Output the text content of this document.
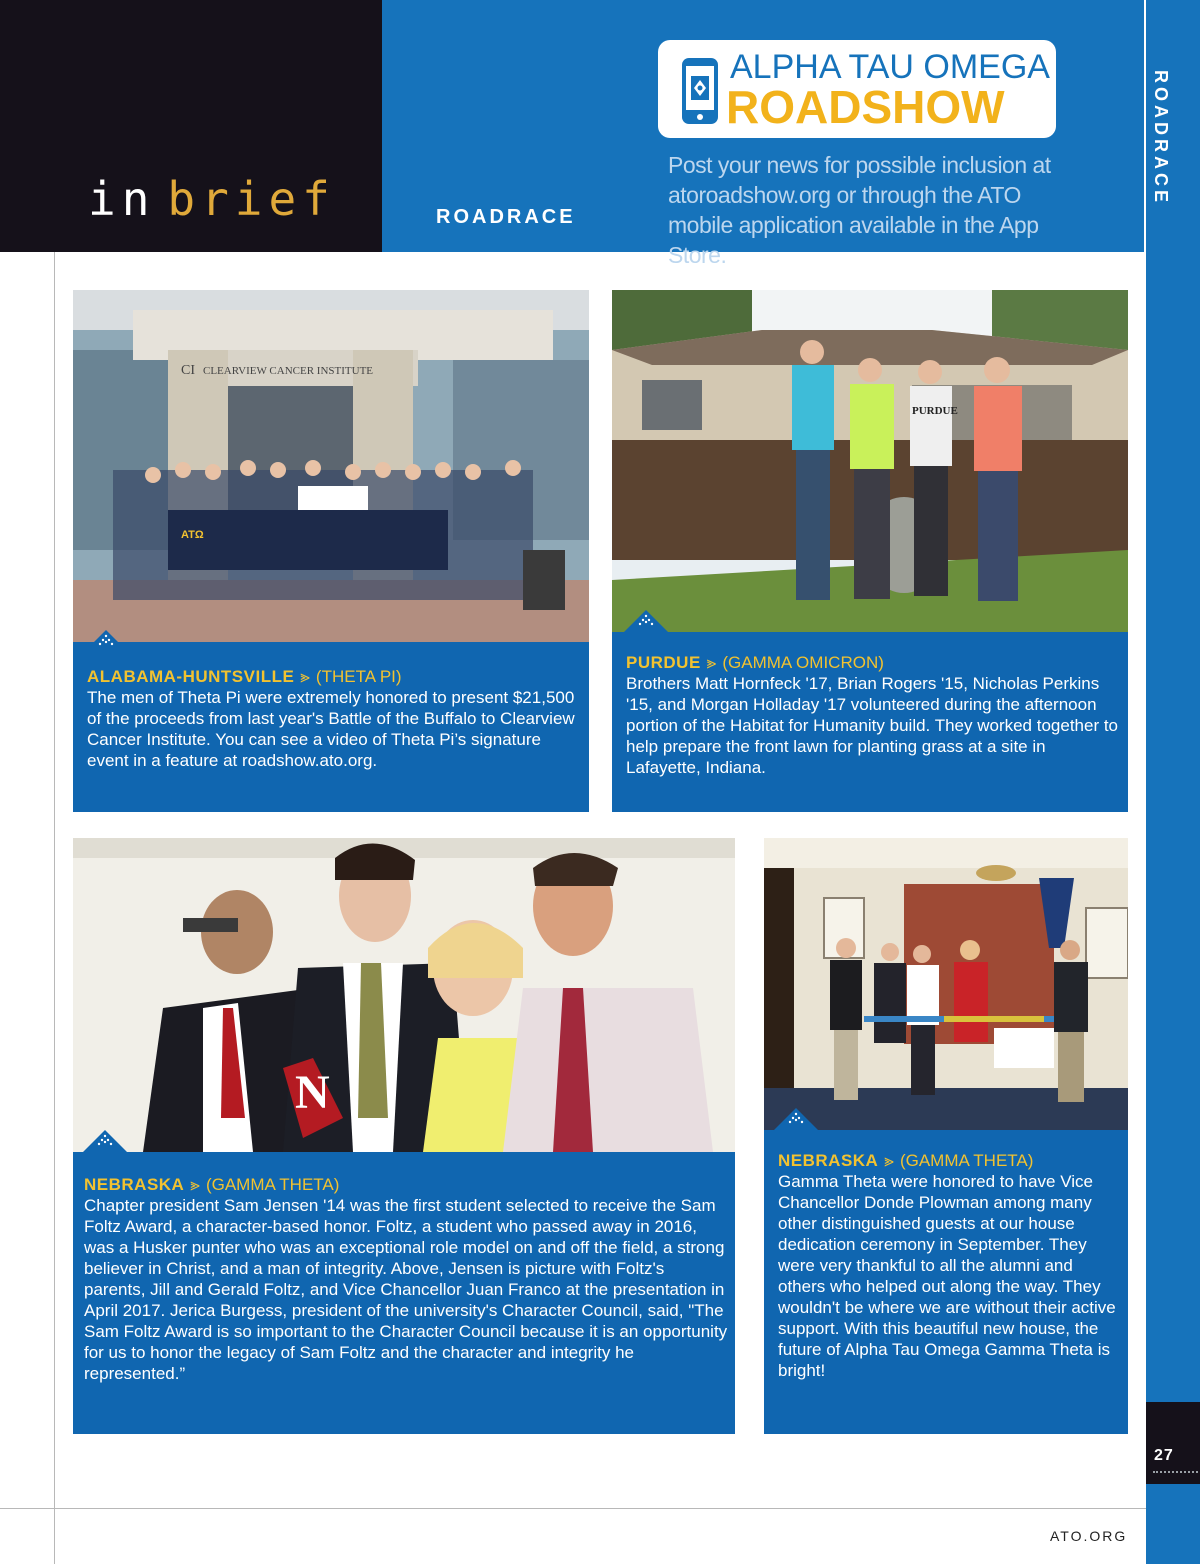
in brief	ROADRACE
ALPHA TAU OMEGA
ROADSHOW
Post your news for possible inclusion at atoroadshow.org or through the ATO mobile application available in the App Store.
ROADRACE
27
ATO.ORG
CI CLEARVIEW CANCER INSTITUTE
ATΩ
ALABAMA-HUNTSVILLE ⪢ (THETA PI)
The men of Theta Pi were extremely honored to present $21,500 of the proceeds from last year's Battle of the Buffalo to Clearview Cancer Institute. You can see a video of Theta Pi’s signature event in a feature at roadshow.ato.org.
PURDUE
PURDUE ⪢ (GAMMA OMICRON)
Brothers Matt Hornfeck '17, Brian Rogers '15, Nicholas Perkins '15, and Morgan Holladay '17 volunteered during the afternoon portion of the Habitat for Humanity build. They worked together to help prepare the front lawn for planting grass at a site in Lafayette, Indiana.
N
NEBRASKA ⪢ (GAMMA THETA)
Chapter president Sam Jensen '14 was the first student selected to receive the Sam Foltz Award, a character-based honor. Foltz, a student who passed away in 2016, was a Husker punter who was an exceptional role model on and off the field, a strong believer in Christ, and a man of integrity. Above, Jensen is picture with Foltz's parents, Jill and Gerald Foltz, and Vice Chancellor Juan Franco at the presentation in April 2017. Jerica Burgess, president of the university's Character Council, said, "The Sam Foltz Award is so important to the Character Council because it is an opportunity for us to honor the legacy of Sam Foltz and the character and integrity he represented.”
NEBRASKA ⪢ (GAMMA THETA)
Gamma Theta were honored to have Vice Chancellor Donde Plowman among many other distinguished guests at our house dedication ceremony in September. They were very thankful to all the alumni and others who helped out along the way. They wouldn't be where we are without their active support. With this beautiful new house, the future of Alpha Tau Omega Gamma Theta is bright!
